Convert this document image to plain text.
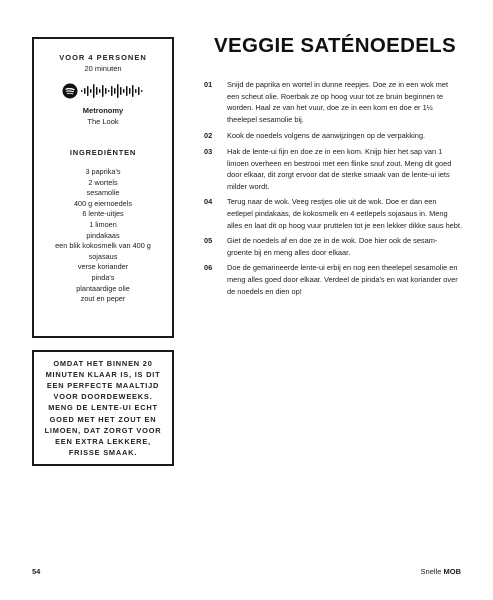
VOOR 4 PERSONEN
20 minuten
Metronomy
The Look
INGREDIËNTEN
3 paprika's
2 wortels
sesamolie
400 g eiernoedels
6 lente-uitjes
1 limoen
pindakaas
een blik kokosmelk van 400 g
sojasaus
verse koriander
pinda's
plantaardige olie
zout en peper

OMDAT HET BINNEN 20 MINUTEN KLAAR IS, IS DIT EEN PERFECTE MAALTIJD VOOR DOORDEWEEKS. MENG DE LENTE-UI ECHT GOED MET HET ZOUT EN LIMOEN, DAT ZORGT VOOR EEN EXTRA LEKKERE, FRISSE SMAAK.

VEGGIE SATÉNOEDELS
01 Snijd de paprika en wortel in dunne reepjes. Doe ze in een wok met een scheut olie. Roerbak ze op hoog vuur tot ze bruin beginnen te worden. Haal ze van het vuur, doe ze in een kom en doe er 1½ theelepel sesamolie bij.
02 Kook de noedels volgens de aanwijzingen op de verpakking.
03 Hak de lente-ui fijn en doe ze in een kom. Knijp hier het sap van 1 limoen overheen en bestrooi met een flinke snuf zout. Meng dit goed door elkaar, dit zorgt ervoor dat de sterke smaak van de lente-ui iets milder wordt.
04 Terug naar de wok. Veeg restjes olie uit de wok. Doe er dan een eetlepel pindakaas, de kokosmelk en 4 eetlepels sojasaus in. Meng alles en laat dit op hoog vuur pruttelen tot je een lekker dikke saus hebt.
05 Giet de noedels af en doe ze in de wok. Doe hier ook de sesam-groente bij en meng alles door elkaar.
06 Doe de gemarineerde lente-ui erbij en nog een theelepel sesamolie en meng alles goed door elkaar. Verdeel de pinda's en wat koriander over de noedels en dien op!
54	Snelle MOB
